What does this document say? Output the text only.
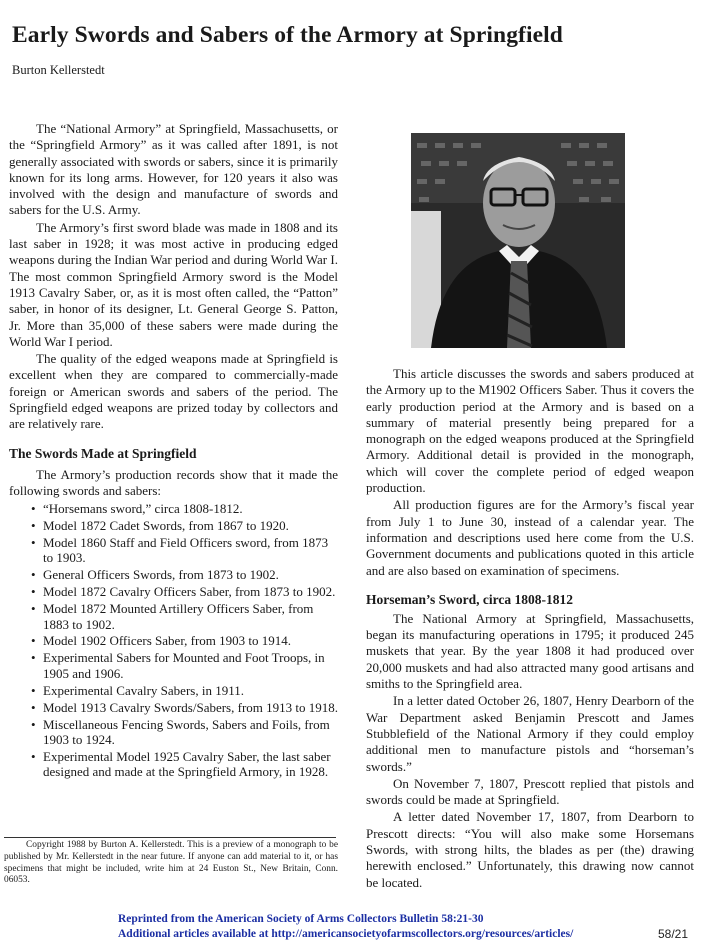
Early Swords and Sabers of the Armory at Springfield
Burton Kellerstedt

The “National Armory” at Springfield, Massachusetts, or the “Springfield Armory” as it was called after 1891, is not generally associated with swords or sabers, since it is primarily known for its long arms. However, for 120 years it also was involved with the design and manufacture of swords and sabers for the U.S. Army.

The Armory’s first sword blade was made in 1808 and its last saber in 1928; it was most active in producing edged weapons during the Indian War period and during World War I. The most common Springfield Armory sword is the Model 1913 Cavalry Saber, or, as it is most often called, the “Patton” saber, in honor of its designer, Lt. General George S. Patton, Jr. More than 35,000 of these sabers were made during the World War I period.

The quality of the edged weapons made at Springfield is excellent when they are compared to commercially-made foreign or American swords and sabers of the period. The Springfield edged weapons are prized today by collectors and are relatively rare.

The Swords Made at Springfield

The Armory’s production records show that it made the following swords and sabers:

• “Horsemans sword,” circa 1808-1812.
• Model 1872 Cadet Swords, from 1867 to 1920.
• Model 1860 Staff and Field Officers sword, from 1873 to 1903.
• General Officers Swords, from 1873 to 1902.
• Model 1872 Cavalry Officers Saber, from 1873 to 1902.
• Model 1872 Mounted Artillery Officers Saber, from 1883 to 1902.
• Model 1902 Officers Saber, from 1903 to 1914.
• Experimental Sabers for Mounted and Foot Troops, in 1905 and 1906.
• Experimental Cavalry Sabers, in 1911.
• Model 1913 Cavalry Swords/Sabers, from 1913 to 1918.
• Miscellaneous Fencing Swords, Sabers and Foils, from 1903 to 1924.
• Experimental Model 1925 Cavalry Saber, the last saber designed and made at the Springfield Armory, in 1928.
Copyright 1988 by Burton A. Kellerstedt. This is a preview of a monograph to be published by Mr. Kellerstedt in the near future. If anyone can add material to it, or has specimens that might be included, write him at 24 Euston St., New Britain, Conn. 06053.

This article discusses the swords and sabers produced at the Armory up to the M1902 Officers Saber. Thus it covers the early production period at the Armory and is based on a summary of material presently being prepared for a monograph on the edged weapons produced at the Springfield Armory. Additional detail is provided in the monograph, which will cover the complete period of edged weapon production.

All production figures are for the Armory’s fiscal year from July 1 to June 30, instead of a calendar year. The information and descriptions used here come from the U.S. Government documents and publications quoted in this article and are also based on examination of specimens.

Horseman’s Sword, circa 1808-1812

The National Armory at Springfield, Massachusetts, began its manufacturing operations in 1795; it produced 245 muskets that year. By the year 1808 it had produced over 20,000 muskets and had also attracted many good artisans and smiths to the Springfield area.

In a letter dated October 26, 1807, Henry Dearborn of the War Department asked Benjamin Prescott and James Stubblefield of the National Armory if they could employ additional men to manufacture pistols and “horseman’s swords.”

On November 7, 1807, Prescott replied that pistols and swords could be made at Springfield.

A letter dated November 17, 1807, from Dearborn to Prescott directs: “You will also make some Horsemans Swords, with strong hilts, the blades as per (the) drawing herewith enclosed.” Unfortunately, this drawing now cannot be located.

Reprinted from the American Society of Arms Collectors Bulletin 58:21-30
Additional articles available at http://americansocietyofarmscollectors.org/resources/articles/	58/21
